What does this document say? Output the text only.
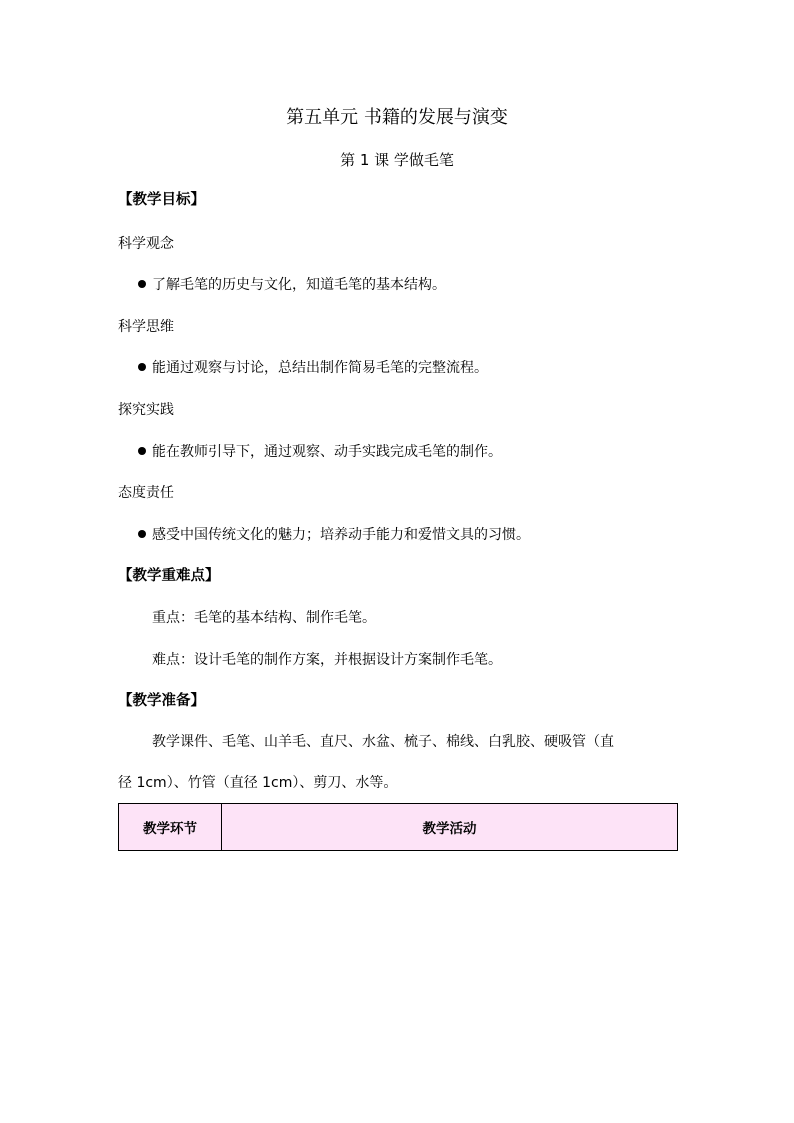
第五单元 书籍的发展与演变
第 1 课 学做毛笔
【教学目标】
科学观念
了解毛笔的历史与文化，知道毛笔的基本结构。
科学思维
能通过观察与讨论，总结出制作简易毛笔的完整流程。
探究实践
能在教师引导下，通过观察、动手实践完成毛笔的制作。
态度责任
感受中国传统文化的魅力；培养动手能力和爱惜文具的习惯。
【教学重难点】
重点：毛笔的基本结构、制作毛笔。
难点：设计毛笔的制作方案，并根据设计方案制作毛笔。
【教学准备】
教学课件、毛笔、山羊毛、直尺、水盆、梳子、棉线、白乳胶、硬吸管（直
径 1cm）、竹管（直径 1cm）、剪刀、水等。
教学环节	教学活动
